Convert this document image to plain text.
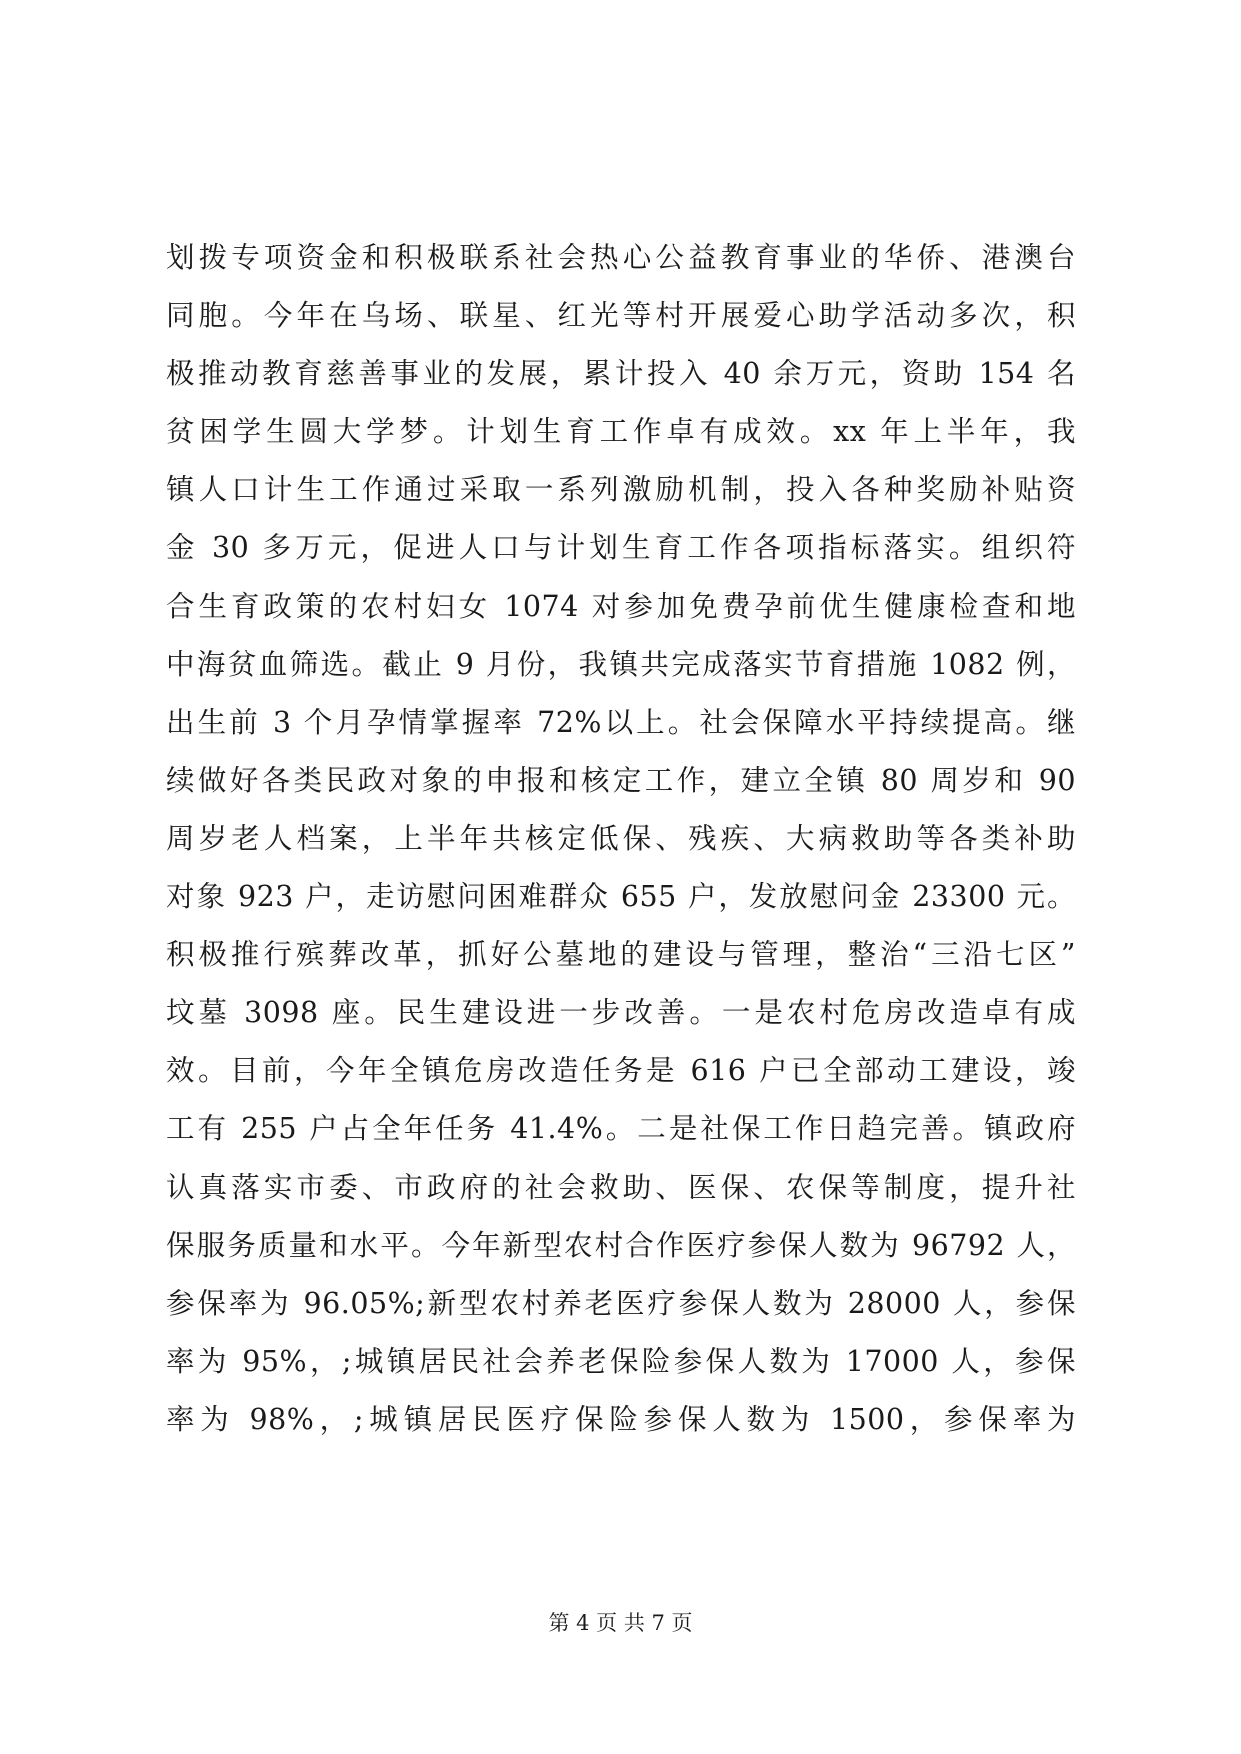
划拨专项资金和积极联系社会热心公益教育事业的华侨、港澳台
同胞。今年在乌场、联星、红光等村开展爱心助学活动多次，积
极推动教育慈善事业的发展，累计投入 40 余万元，资助 154 名
贫困学生圆大学梦。计划生育工作卓有成效。xx 年上半年，我
镇人口计生工作通过采取一系列激励机制，投入各种奖励补贴资
金 30 多万元，促进人口与计划生育工作各项指标落实。组织符
合生育政策的农村妇女 1074 对参加免费孕前优生健康检查和地
中海贫血筛选。截止 9 月份，我镇共完成落实节育措施 1082 例，
出生前 3 个月孕情掌握率 72%以上。社会保障水平持续提高。继
续做好各类民政对象的申报和核定工作，建立全镇 80 周岁和 90
周岁老人档案，上半年共核定低保、残疾、大病救助等各类补助
对象 923 户，走访慰问困难群众 655 户，发放慰问金 23300 元。
积极推行殡葬改革，抓好公墓地的建设与管理，整治“三沿七区”
坟墓 3098 座。民生建设进一步改善。一是农村危房改造卓有成
效。目前，今年全镇危房改造任务是 616 户已全部动工建设，竣
工有 255 户占全年任务 41.4%。二是社保工作日趋完善。镇政府
认真落实市委、市政府的社会救助、医保、农保等制度，提升社
保服务质量和水平。今年新型农村合作医疗参保人数为 96792 人，
参保率为 96.05%;新型农村养老医疗参保人数为 28000 人，参保
率为 95%，;城镇居民社会养老保险参保人数为 17000 人，参保
率为 98%，;城镇居民医疗保险参保人数为 1500，参保率为
第 4 页 共 7 页
